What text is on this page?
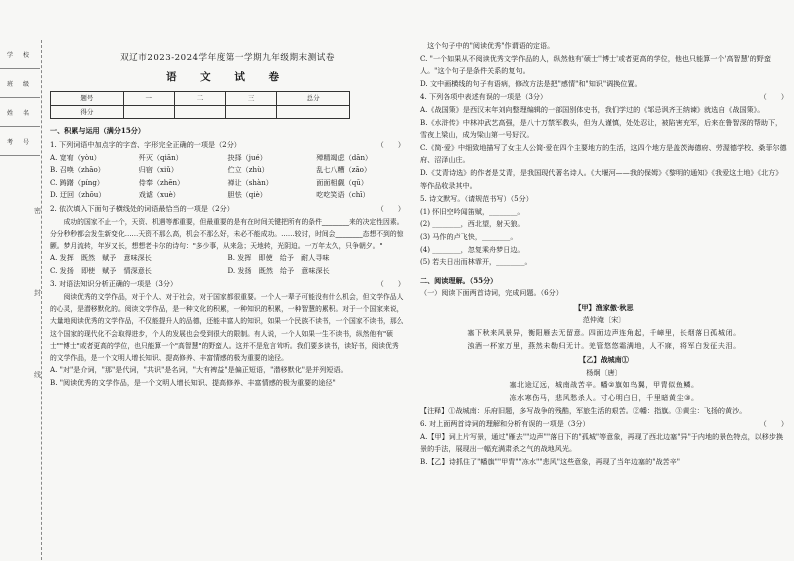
学 校
班 级
姓 名
考 号
密
封
线
双辽市2023-2024学年度第一学期九年级期末测试卷
语 文 试 卷
题号	一	二	三	总分
得分				
一、积累与运用（满分15分）
1. 下列词语中加点字的字音、字形完全正确的一项是（2分）	（　　）
A. 宽宥（yòu）	歼灭（qiān）	抉择（jué）	殚精竭虑（dān）
B. 召唤（zhāo）	归宿（xiǔ）	伫立（zhù）	乱七八糟（zāo）
C. 踌躇（píng）	侍奉（zhēn）	禅让（shàn）	面面相觑（qū）
D. 迂回（zhōu）	戏谑（xuè）	胆怯（qiè）	吃吃笑语（chī）
2. 依次填入下面句子横线处的词语最恰当的一项是（2分）	（　　）
成功的国家不止一个，天资、机遇等都重要，但最重要的是有在时间关键把所有的条件________来的决定性因素。分分秒秒都会发生新变化……天资不那么高，机会不那么好，未必不能成功。……较讨，时间会________态想不到的惊颤。梦月流转，年岁又长，想想老卡尔的诗句："多少事，从来急；天地转，光阴迫。一万年太久，只争朝夕。"
A. 发挥　既然　赋予　意味深长	B. 发挥　即使　给予　耐人寻味
C. 发扬　即使　赋予　情深意长	D. 发扬　既然　给予　意味深长
3. 对语法知识分析正确的一项是（3分）	（　　）
阅读优秀的文学作品，对于个人、对于社会，对于国家都很重要。一个人一辈子可能没有什么机会，但文学作品人的心灵，是潜移默化的。阅读文学作品，是一种文化的积累，一种知识的积累，一种智慧的累积。对于一个国家来说，大量地阅读优秀的文学作品，不仅能提升人的品德，还能丰富人的知识，如果一个民族不读书，一个国家不读书，那么这个国家的现代化不会取得进步，个人的发展也会受到很大的限制。有人说，一个人如果一生不读书，纵然他有"硕士""博士"或者更高的学位，也只能算一个"高智慧"的野蛮人。这并不是危言耸听。我们要多读书，读好书，阅读优秀的文学作品，是一个文明人增长知识、提高修养、丰富情感的极为重要的途径。
A. "对"是介词，"那"是代词，"共识"是名词，"大有裨益"是偏正短语，"潜移默化"是并列短语。
B. "阅读优秀的文学作品，是一个文明人增长知识、提高修养、丰富情感的极为重要的途径"
这个句子中的"阅读优秀"作谓语的定语。
C. "一个如果从不阅读优秀文学作品的人，纵然他有'硕士''博士'或者更高的学位，他也只能算一个'高智慧'的野蛮人。"这个句子是条件关系的复句。
D. 文中画横线的句子有语病，修改方法是把"感情"和"知识"调换位置。
4. 下列各项中表述有误的一项是（3分）	（　　）
A.《战国策》是西汉末年刘向整理编辑的一部国别体史书，我们学过的《邹忌讽齐王纳谏》就选自《战国策》。
B.《水浒传》中林冲武艺高强，是八十万禁军教头，但为人谨慎，处处忍让，被陷害充军，后来在鲁智深的帮助下，雪夜上梁山，成为梁山第一号好汉。
C.《简·爱》中细致地描写了女主人公简·爱在四个主要地方的生活，这四个地方是盖茨海德府、劳渥德学校、桑菲尔德府、沼泽山庄。
D.《艾青诗选》的作者是艾青，是我国现代著名诗人。《大堰河——我的保姆》《黎明的通知》《我爱这土地》《北方》等作品收录其中。
5. 诗文默写。（请规范书写）（5分）
(1) 怀旧空吟闻笛赋，________。
(2) ________，西北望，射天狼。
(3) 马作的卢飞快，________。
(4) ________，忽复乘舟梦日边。
(5) 若夫日出而林霏开，________。
二、阅读理解。（55分）
（一）阅读下面两首诗词，完成问题。（6分）
【甲】渔家傲·秋思
范仲淹〔宋〕
塞下秋来风景异，衡阳雁去无留意。四面边声连角起，千嶂里，长烟落日孤城闭。
浊酒一杯家万里，燕然未勒归无计。羌管悠悠霜满地，人不寐，将军白发征夫泪。
【乙】战城南①
杨炯〔唐〕
塞北途辽远，城南战苦辛。幡②旗如鸟翼，甲胄似鱼鳞。
冻水寒伤马，悲风愁杀人。寸心明白日，千里暗黄尘③。
【注释】①战城南：乐府旧题，多写战争的残酷，军旅生活的艰苦。②幡：指旗。③黄尘：飞扬的黄沙。
6. 对上面两首诗词的理解和分析有误的一项是（3分）	（　　）
A.【甲】词上片写景，通过"雁去""边声""落日下的"孤城"等意象，再现了西北边塞"异"于内地的景色特点，以移步换景的手法，展现出一幅充满肃杀之气的战地风光。
B.【乙】诗抓住了"幡旗""甲胄""冻水""悲风"这些意象，再现了当年边塞的"战苦辛"
